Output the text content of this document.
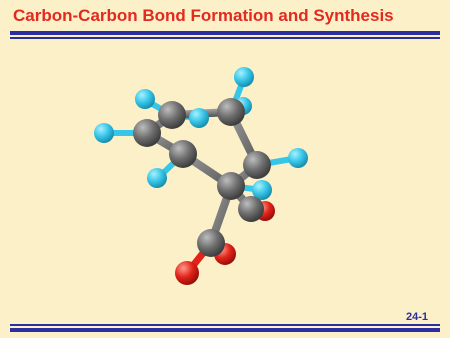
Carbon-Carbon Bond Formation and Synthesis
24-1
